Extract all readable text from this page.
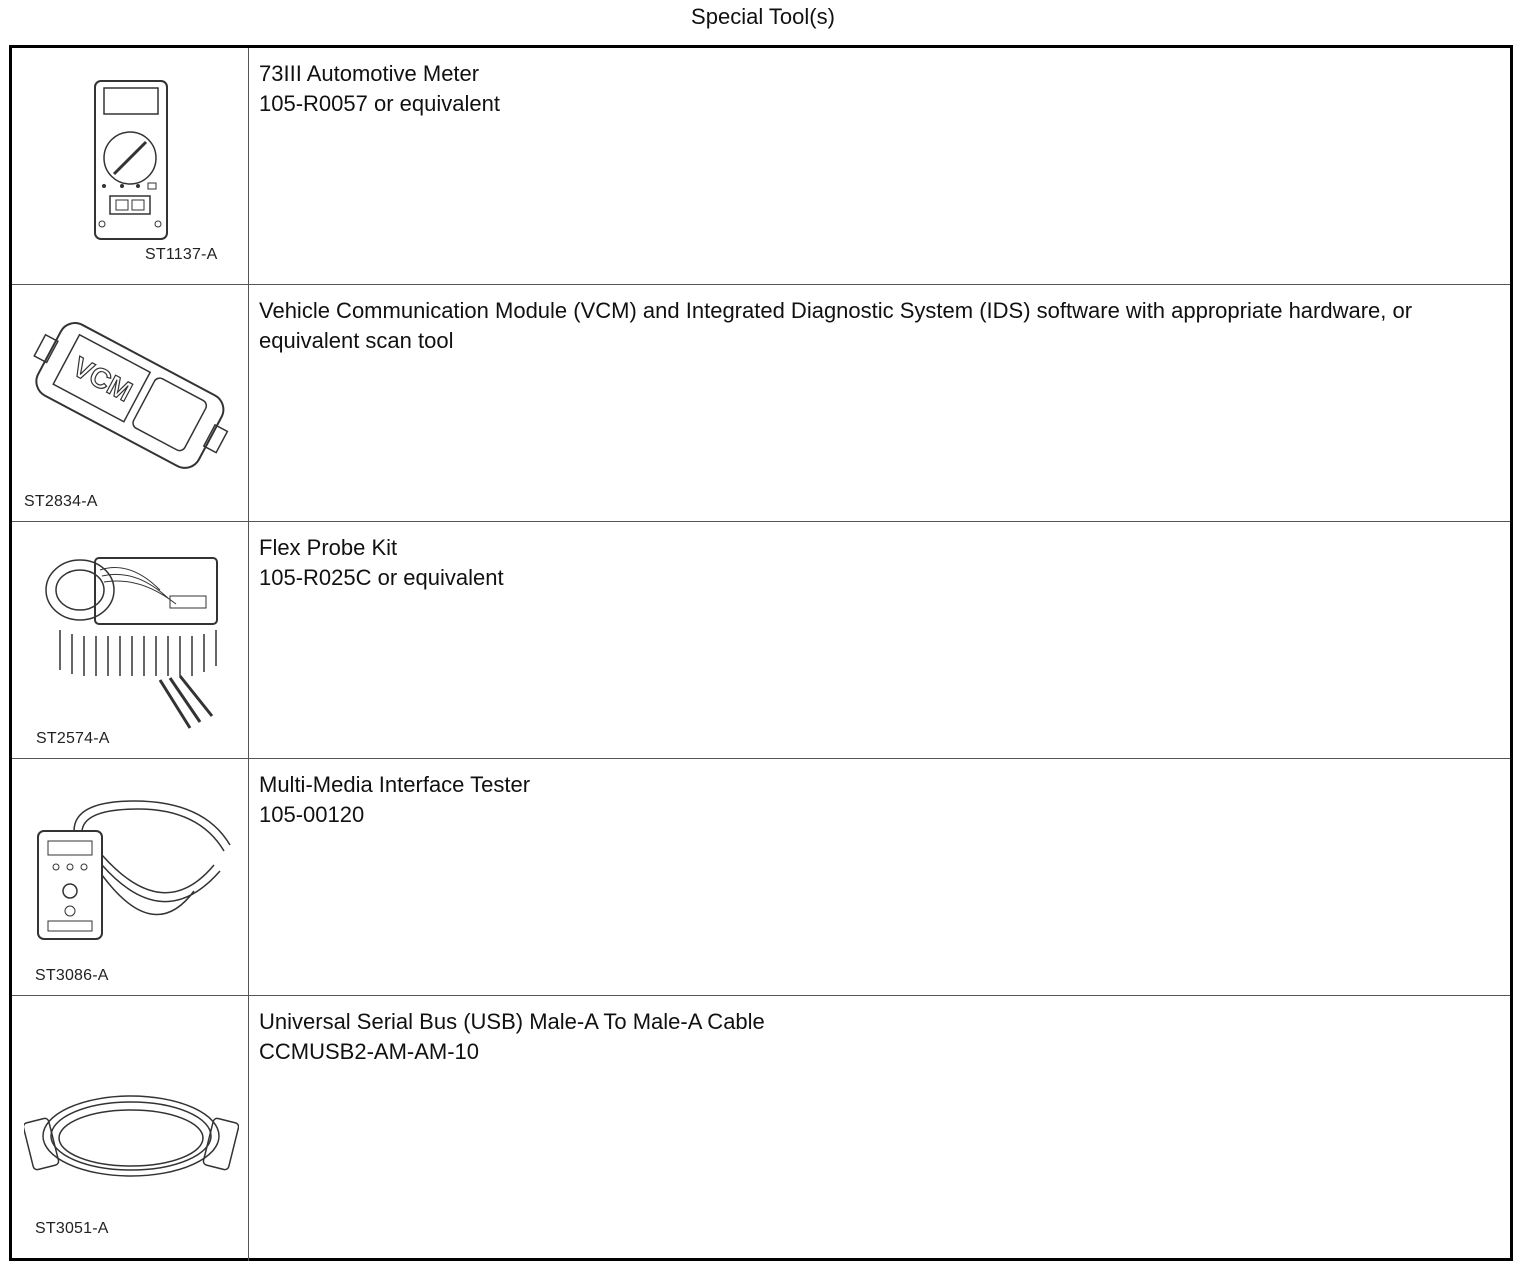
Special Tool(s)
ST1137-A
73III Automotive Meter
105-R0057 or equivalent
VCM
ST2834-A
Vehicle Communication Module (VCM) and Integrated Diagnostic System (IDS) software with appropriate hardware, or equivalent scan tool
ST2574-A
Flex Probe Kit
105-R025C or equivalent
ST3086-A
Multi-Media Interface Tester
105-00120
ST3051-A
Universal Serial Bus (USB) Male-A To Male-A Cable
CCMUSB2-AM-AM-10
